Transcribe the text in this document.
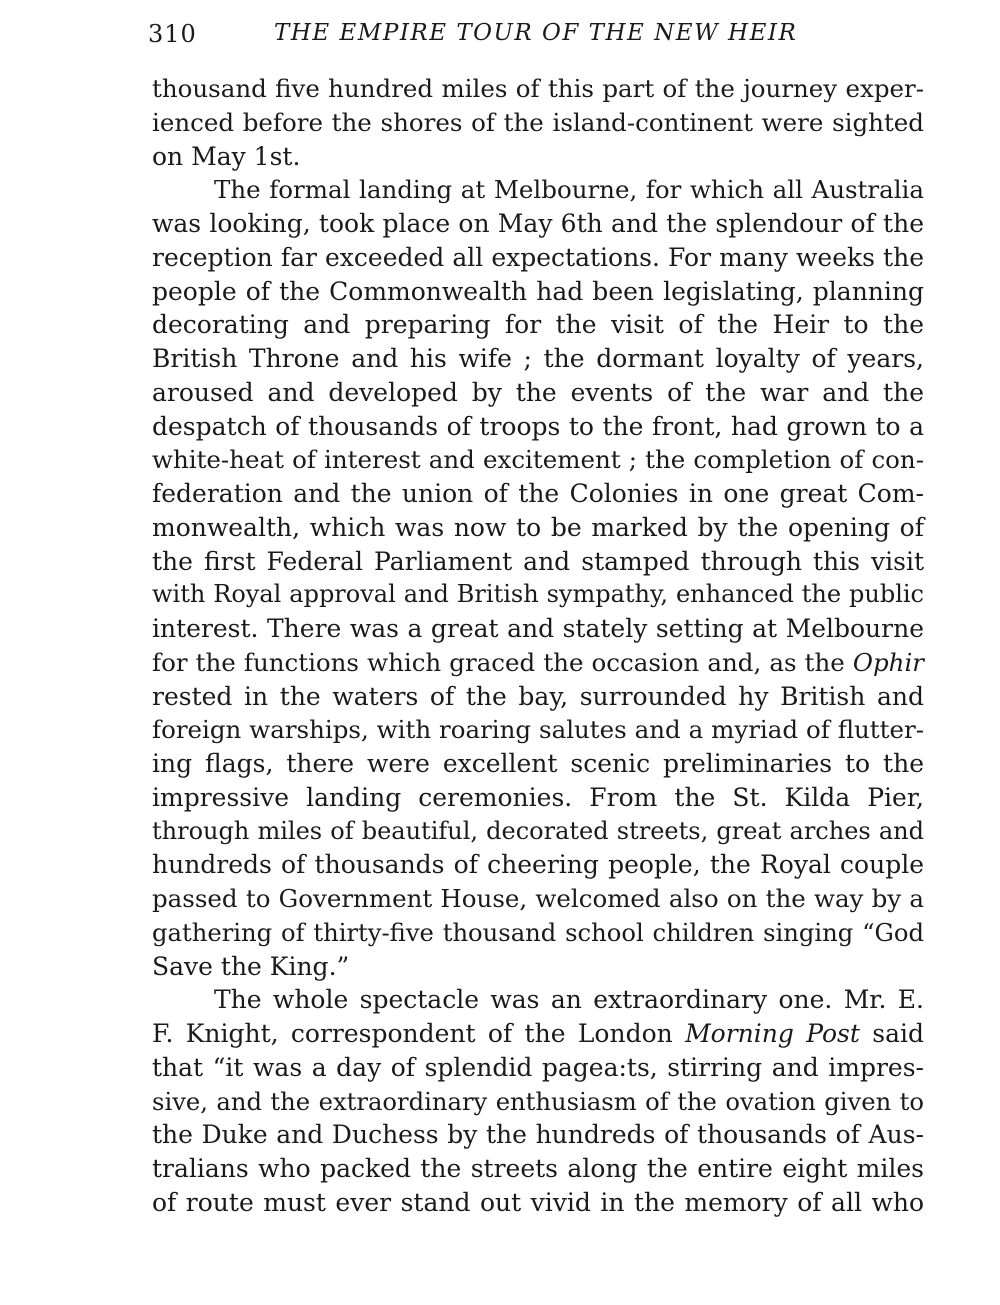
310	THE EMPIRE TOUR OF THE NEW HEIR
thousand five hundred miles of this part of the journey exper-
ienced before the shores of the island-continent were sighted
on May 1st.
The formal landing at Melbourne, for which all Australia
was looking, took place on May 6th and the splendour of the
reception far exceeded all expectations. For many weeks the
people of the Commonwealth had been legislating, planning
decorating and preparing for the visit of the Heir to the
British Throne and his wife ; the dormant loyalty of years,
aroused and developed by the events of the war and the
despatch of thousands of troops to the front, had grown to a
white-heat of interest and excitement ; the completion of con-
federation and the union of the Colonies in one great Com-
monwealth, which was now to be marked by the opening of
the first Federal Parliament and stamped through this visit
with Royal approval and British sympathy, enhanced the public
interest. There was a great and stately setting at Melbourne
for the functions which graced the occasion and, as the Ophir
rested in the waters of the bay, surrounded hy British and
foreign warships, with roaring salutes and a myriad of flutter-
ing flags, there were excellent scenic preliminaries to the
impressive landing ceremonies. From the St. Kilda Pier,
through miles of beautiful, decorated streets, great arches and
hundreds of thousands of cheering people, the Royal couple
passed to Government House, welcomed also on the way by a
gathering of thirty-five thousand school children singing “God
Save the King.”
The whole spectacle was an extraordinary one. Mr. E.
F. Knight, correspondent of the London Morning Post said
that “it was a day of splendid pagea:ts, stirring and impres-
sive, and the extraordinary enthusiasm of the ovation given to
the Duke and Duchess by the hundreds of thousands of Aus-
tralians who packed the streets along the entire eight miles
of route must ever stand out vivid in the memory of all who
